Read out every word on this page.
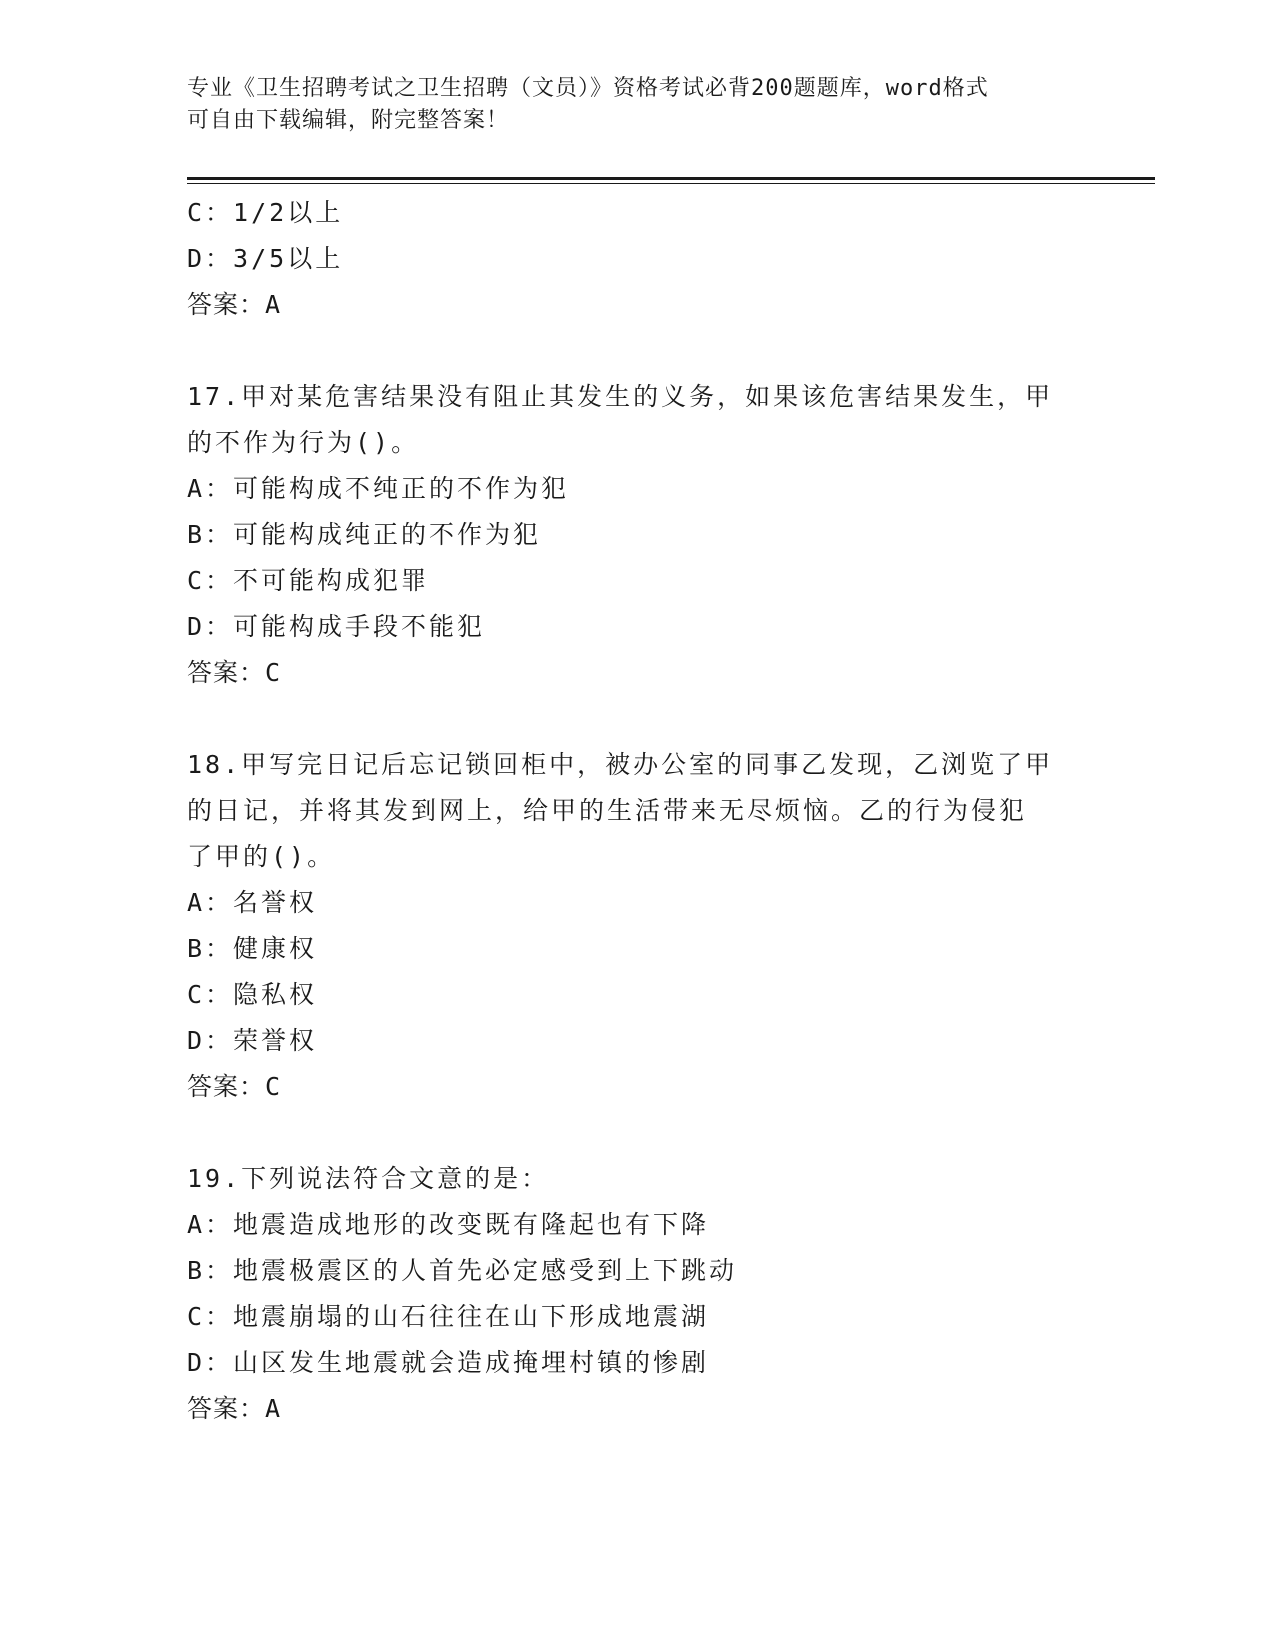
专业《卫生招聘考试之卫生招聘（文员）》资格考试必背200题题库，word格式
可自由下载编辑，附完整答案！
C：1/2以上
D：3/5以上
答案：A
17.甲对某危害结果没有阻止其发生的义务，如果该危害结果发生，甲
的不作为行为()。
A：可能构成不纯正的不作为犯
B：可能构成纯正的不作为犯
C：不可能构成犯罪
D：可能构成手段不能犯
答案：C
18.甲写完日记后忘记锁回柜中，被办公室的同事乙发现，乙浏览了甲
的日记，并将其发到网上，给甲的生活带来无尽烦恼。乙的行为侵犯
了甲的()。
A：名誉权
B：健康权
C：隐私权
D：荣誉权
答案：C
19.下列说法符合文意的是：
A：地震造成地形的改变既有隆起也有下降
B：地震极震区的人首先必定感受到上下跳动
C：地震崩塌的山石往往在山下形成地震湖
D：山区发生地震就会造成掩埋村镇的惨剧
答案：A
